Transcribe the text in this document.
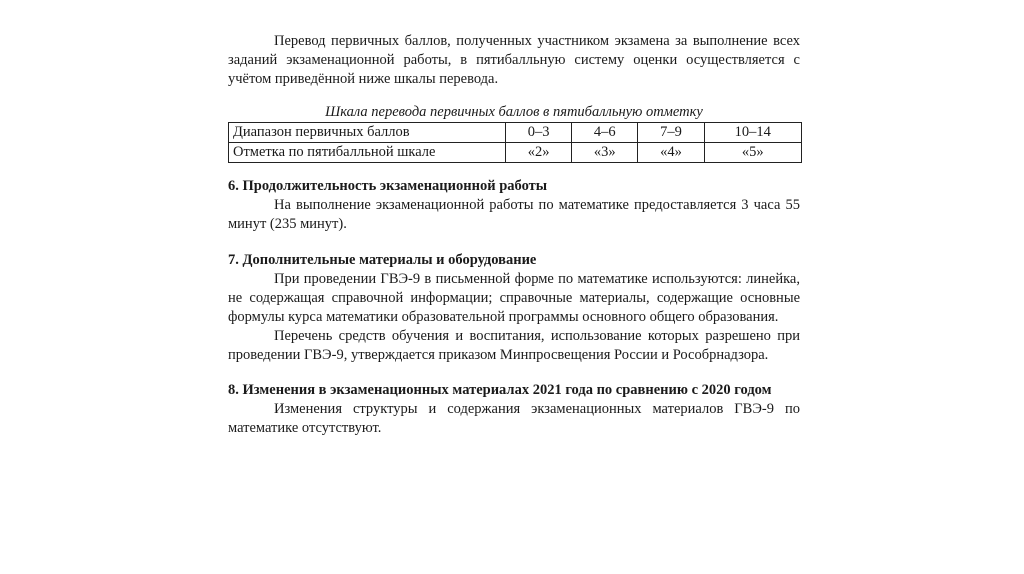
Перевод первичных баллов, полученных участником экзамена за выполнение всех заданий экзаменационной работы, в пятибалльную систему оценки осуществляется с учётом приведённой ниже шкалы перевода.

Шкала перевода первичных баллов в пятибалльную отметку

Диапазон первичных баллов	0–3	4–6	7–9	10–14
Отметка по пятибалльной шкале	«2»	«3»	«4»	«5»

6. Продолжительность экзаменационной работы

На выполнение экзаменационной работы по математике предоставляется 3 часа 55 минут (235 минут).

7. Дополнительные материалы и оборудование

При проведении ГВЭ-9 в письменной форме по математике используются: линейка, не содержащая справочной информации; справочные материалы, содержащие основные формулы курса математики образовательной программы основного общего образования.

Перечень средств обучения и воспитания, использование которых разрешено при проведении ГВЭ-9, утверждается приказом Минпросвещения России и Рособрнадзора.

8. Изменения в экзаменационных материалах 2021 года по сравнению с 2020 годом

Изменения структуры и содержания экзаменационных материалов ГВЭ-9 по математике отсутствуют.
